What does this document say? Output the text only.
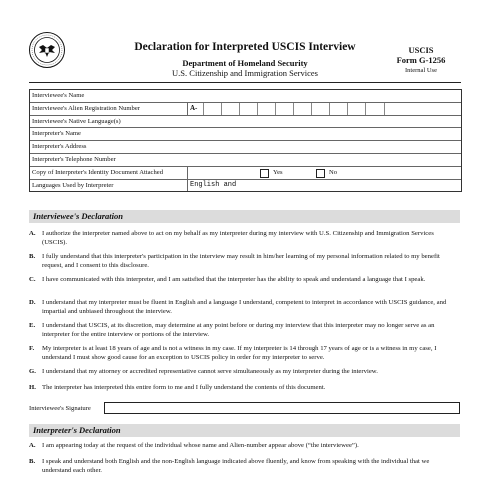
Declaration for Interpreted USCIS Interview
Department of Homeland Security
U.S. Citizenship and Immigration Services
USCIS
Form G-1256
Internal Use
Interviewee's Name
Interviewee's Alien Registration Number	A-
Interviewee's Native Language(s)
Interpreter's Name
Interpreter's Address
Interpreter's Telephone Number
Copy of Interpreter's Identity Document Attached	Yes	No
Languages Used by Interpreter	English and
Interviewee's Declaration
A. I authorize the interpreter named above to act on my behalf as my interpreter during my interview with U.S. Citizenship and Immigration Services (USCIS).
B. I fully understand that this interpreter's participation in the interview may result in him/her learning of my personal information related to my benefit request, and I consent to this disclosure.
C. I have communicated with this interpreter, and I am satisfied that the interpreter has the ability to speak and understand a language that I speak.
D. I understand that my interpreter must be fluent in English and a language I understand, competent to interpret in accordance with USCIS guidance, and impartial and unbiased throughout the interview.
E. I understand that USCIS, at its discretion, may determine at any point before or during my interview that this interpreter may no longer serve as an interpreter for the entire interview or portions of the interview.
F. My interpreter is at least 18 years of age and is not a witness in my case. If my interpreter is 14 through 17 years of age or is a witness in my case, I understand I must show good cause for an exception to USCIS policy in order for my interpreter to serve.
G. I understand that my attorney or accredited representative cannot serve simultaneously as my interpreter during the interview.
H. The interpreter has interpreted this entire form to me and I fully understand the contents of this document.
Interviewee's Signature
Interpreter's Declaration
A. I am appearing today at the request of the individual whose name and Alien-number appear above (“the interviewee”).
B. I speak and understand both English and the non-English language indicated above fluently, and know from speaking with the individual that we understand each other.
